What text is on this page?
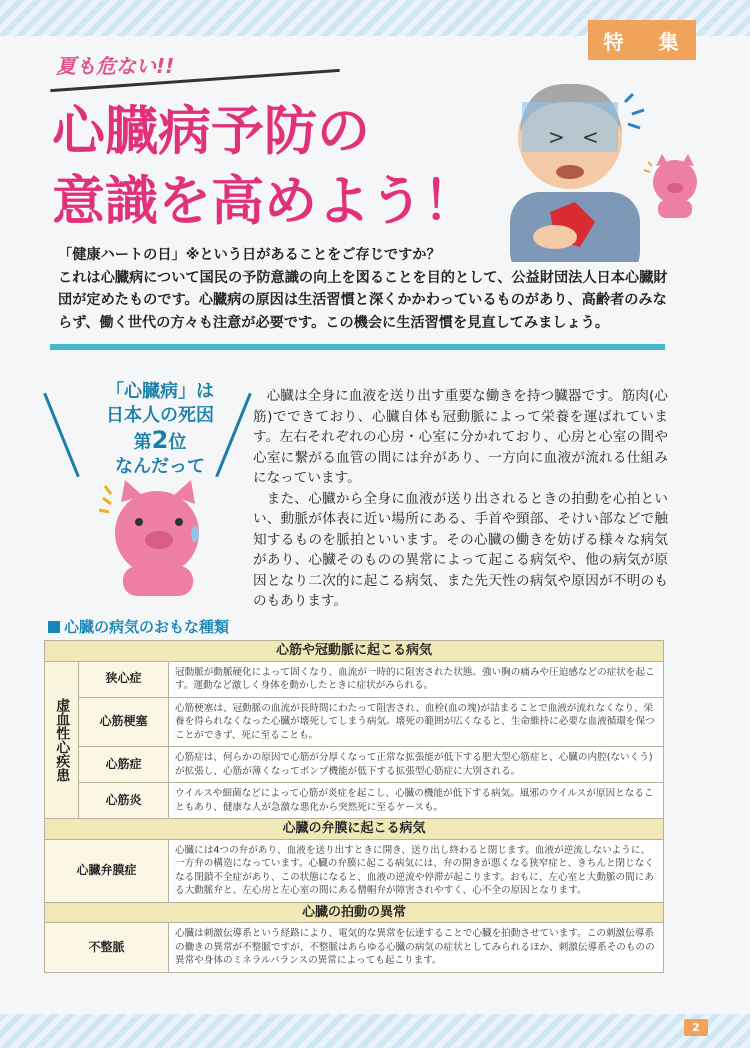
特 集
夏も危ない!!
心臓病予防の
意識を高めよう！
> <

「健康ハートの日」※という日があることをご存じですか？

これは心臓病について国民の予防意識の向上を図ることを目的として、公益財団法人日本心臓財団が定めたものです。心臓病の原因は生活習慣と深くかかわっているものがあり、高齢者のみならず、働く世代の方々も注意が必要です。この機会に生活習慣を見直してみましょう。

「心臓病」は
日本人の死因
第2位
なんだって

心臓は全身に血液を送り出す重要な働きを持つ臓器です。筋肉(心筋)でできており、心臓自体も冠動脈によって栄養を運ばれています。左右それぞれの心房・心室に分かれており、心房と心室の間や心室に繋がる血管の間には弁があり、一方向に血液が流れる仕組みになっています。

また、心臓から全身に血液が送り出されるときの拍動を心拍といい、動脈が体表に近い場所にある、手首や頸部、そけい部などで触知するものを脈拍といいます。その心臓の働きを妨げる様々な病気があり、心臓そのものの異常によって起こる病気や、他の病気が原因となり二次的に起こる病気、また先天性の病気や原因が不明のものもあります。

心臓の病気のおもな種類
心筋や冠動脈に起こる病気		
虚血性心疾患	狭心症	冠動脈が動脈硬化によって固くなり、血流が一時的に阻害された状態。強い胸の痛みや圧迫感などの症状を起こす。運動など激しく身体を動かしたときに症状がみられる。
	心筋梗塞	心筋梗塞は、冠動脈の血流が長時間にわたって阻害され、血栓(血の塊)が詰まることで血液が流れなくなり、栄養を得られなくなった心臓が壊死してしまう病気。壊死の範囲が広くなると、生命維持に必要な血液循環を保つことができず、死に至ることも。
	心筋症	心筋症は、何らかの原因で心筋が分厚くなって正常な拡張能が低下する肥大型心筋症と、心臓の内腔(ないくう)が拡張し、心筋が薄くなってポンプ機能が低下する拡張型心筋症に大別される。
	心筋炎	ウイルスや細菌などによって心筋が炎症を起こし、心臓の機能が低下する病気。風邪のウイルスが原因となることもあり、健康な人が急激な悪化から突然死に至るケースも。
心臓の弁膜に起こる病気		
心臓弁膜症		心臓には4つの弁があり、血液を送り出すときに開き、送り出し終わると閉じます。血液が逆流しないように、一方弁の構造になっています。心臓の弁膜に起こる病気には、弁の開きが悪くなる狭窄症と、きちんと閉じなくなる閉鎖不全症があり、この状態になると、血液の逆流や停滞が起こります。おもに、左心室と大動脈の間にある大動脈弁と、左心房と左心室の間にある僧帽弁が障害されやすく、心不全の原因となります。
心臓の拍動の異常		
不整脈		心臓は刺激伝導系という経路により、電気的な異常を伝達することで心臓を拍動させています。この刺激伝導系の働きの異常が不整脈ですが、不整脈はあらゆる心臓の病気の症状としてみられるほか、刺激伝導系そのものの異常や身体のミネラルバランスの異常によっても起こります。
2
